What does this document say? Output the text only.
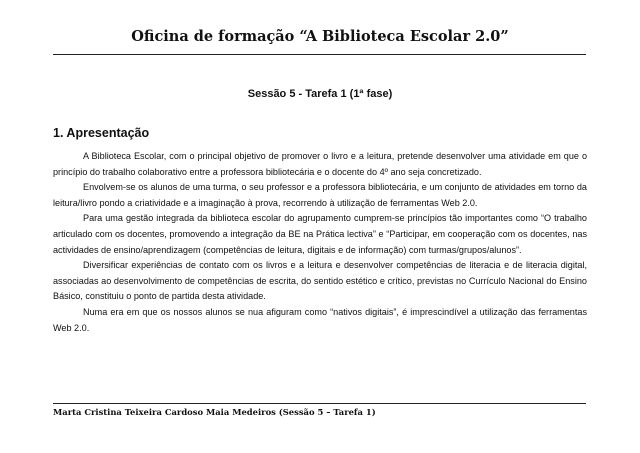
Oficina de formação “A Biblioteca Escolar 2.0”
Sessão 5 - Tarefa 1 (1ª fase)
1. Apresentação

A Biblioteca Escolar, com o principal objetivo de promover o livro e a leitura, pretende desenvolver uma atividade em que o princípio do trabalho colaborativo entre a professora bibliotecária e o docente do 4º ano seja concretizado.

Envolvem-se os alunos de uma turma, o seu professor e a professora bibliotecária, e um conjunto de atividades em torno da leitura/livro pondo a criatividade e a imaginação à prova, recorrendo à utilização de ferramentas Web 2.0.

Para uma gestão integrada da biblioteca escolar do agrupamento cumprem-se princípios tão importantes como “O trabalho articulado com os docentes, promovendo a integração da BE na Prática lectiva” e “Participar, em cooperação com os docentes, nas actividades de ensino/aprendizagem (competências de leitura, digitais e de informação) com turmas/grupos/alunos”.

Diversificar experiências de contato com os livros e a leitura e desenvolver competências de literacia e de literacia digital, associadas ao desenvolvimento de competências de escrita, do sentido estético e crítico, previstas no Currículo Nacional do Ensino Básico, constituiu o ponto de partida desta atividade.

Numa era em que os nossos alunos se nua afiguram como “nativos digitais”, é imprescindível a utilização das ferramentas Web 2.0.

Marta Cristina Teixeira Cardoso Maia Medeiros (Sessão 5 – Tarefa 1)
